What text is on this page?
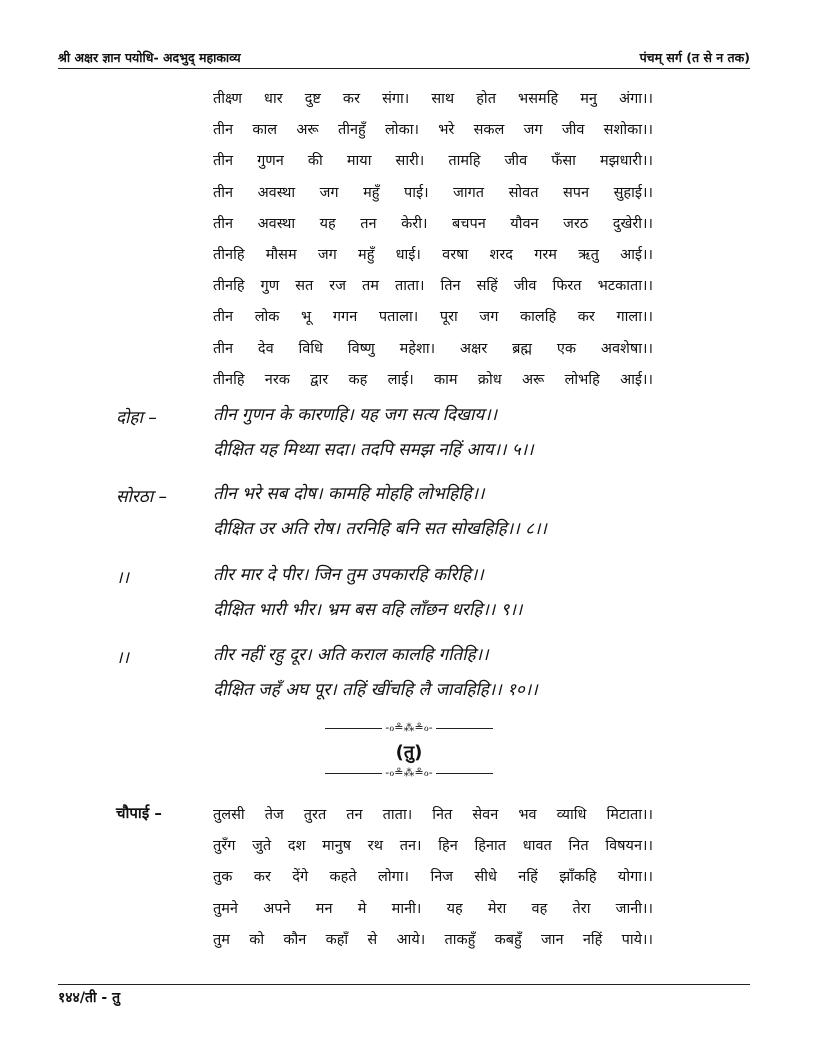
श्री अक्षर ज्ञान पयोधि- अदभुद् महाकाव्य	पंचम् सर्ग (त से न तक)
तीक्ष्ण धार दुष्ट कर संगा। साथ होत भसमहि मनु अंगा।।
तीन काल अरू तीनहुँ लोका। भरे सकल जग जीव सशोका।।
तीन गुणन की माया सारी। तामहि जीव फँसा मझधारी।।
तीन अवस्था जग महुँ पाई। जागत सोवत सपन सुहाई।।
तीन अवस्था यह तन केरी। बचपन यौवन जरठ दुखेरी।।
तीनहि मौसम जग महुँ धाई। वरषा शरद गरम ऋतु आई।।
तीनहि गुण सत रज तम ताता। तिन सहिं जीव फिरत भटकाता।।
तीन लोक भू गगन पताला। पूरा जग कालहि कर गाला।।
तीन देव विधि विष्णु महेशा। अक्षर ब्रह्म एक अवशेषा।।
तीनहि नरक द्वार कह लाई। काम क्रोध अरू लोभहि आई।।
दोहा –	तीन गुणन के कारणहि। यह जग सत्य दिखाय।।
दीक्षित यह मिथ्या सदा। तदपि समझ नहिं आय।। ५।।
सोरठा –	तीन भरे सब दोष। कामहि मोहहि लोभहिहि।।
दीक्षित उर अति रोष। तरनिहि बनि सत सोखहिहि।। ८।।
।।	तीर मार दे पीर। जिन तुम उपकारहि करिहि।।
दीक्षित भारी भीर। भ्रम बस वहि लाँछन धरहि।। ९।।
।।	तीर नहीं रहु दूर। अति कराल कालहि गतिहि।।
दीक्षित जहँ अघ पूर। तहिं खींचहि लै जावहिहि।। १०।।
-ℴ≗⁂≗ℴ-
(तु)
-ℴ≗⁂≗ℴ-
चौपाई –	तुलसी तेज तुरत तन ताता। नित सेवन भव व्याधि मिटाता।।
तुरँग जुते दश मानुष रथ तन। हिन हिनात धावत नित विषयन।।
तुक कर देंगे कहते लोगा। निज सीधे नहिं झाँकहि योगा।।
तुमने अपने मन मे मानी। यह मेरा वह तेरा जानी।।
तुम को कौन कहाँ से आये। ताकहुँ कबहुँ जान नहिं पाये।।
१४४/ती - तु
